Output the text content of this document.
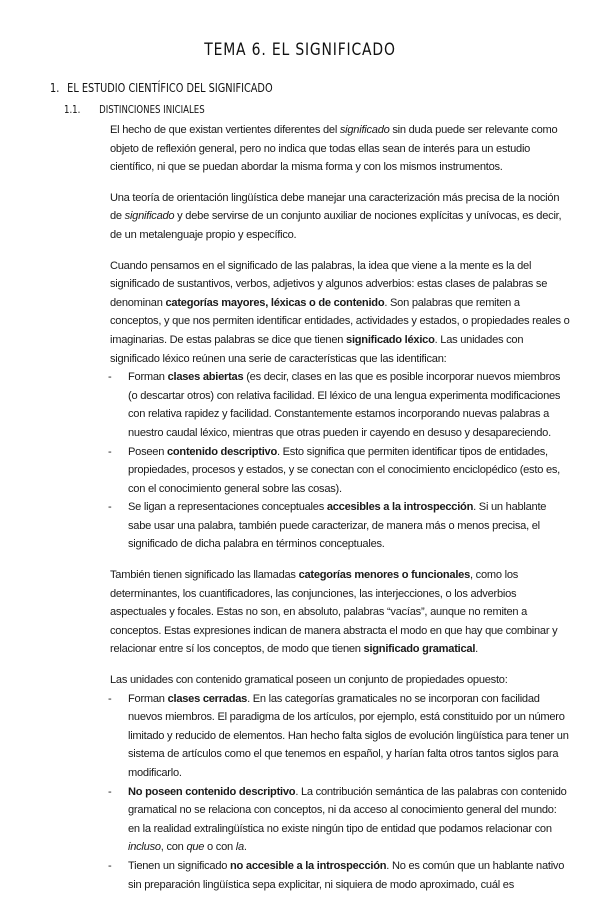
TEMA 6. EL SIGNIFICADO
1. EL ESTUDIO CIENTÍFICO DEL SIGNIFICADO
1.1. DISTINCIONES INICIALES

El hecho de que existan vertientes diferentes del significado sin duda puede ser relevante como objeto de reflexión general, pero no indica que todas ellas sean de interés para un estudio científico, ni que se puedan abordar la misma forma y con los mismos instrumentos.

Una teoría de orientación lingüística debe manejar una caracterización más precisa de la noción de significado y debe servirse de un conjunto auxiliar de nociones explícitas y unívocas, es decir, de un metalenguaje propio y específico.

Cuando pensamos en el significado de las palabras, la idea que viene a la mente es la del significado de sustantivos, verbos, adjetivos y algunos adverbios: estas clases de palabras se denominan categorías mayores, léxicas o de contenido. Son palabras que remiten a conceptos, y que nos permiten identificar entidades, actividades y estados, o propiedades reales o imaginarias. De estas palabras se dice que tienen significado léxico. Las unidades con significado léxico reúnen una serie de características que las identifican:

- Forman clases abiertas (es decir, clases en las que es posible incorporar nuevos miembros (o descartar otros) con relativa facilidad. El léxico de una lengua experimenta modificaciones con relativa rapidez y facilidad. Constantemente estamos incorporando nuevas palabras a nuestro caudal léxico, mientras que otras pueden ir cayendo en desuso y desapareciendo.
- Poseen contenido descriptivo. Esto significa que permiten identificar tipos de entidades, propiedades, procesos y estados, y se conectan con el conocimiento enciclopédico (esto es, con el conocimiento general sobre las cosas).
- Se ligan a representaciones conceptuales accesibles a la introspección. Si un hablante sabe usar una palabra, también puede caracterizar, de manera más o menos precisa, el significado de dicha palabra en términos conceptuales.

También tienen significado las llamadas categorías menores o funcionales, como los determinantes, los cuantificadores, las conjunciones, las interjecciones, o los adverbios aspectuales y focales. Estas no son, en absoluto, palabras “vacías”, aunque no remiten a conceptos. Estas expresiones indican de manera abstracta el modo en que hay que combinar y relacionar entre sí los conceptos, de modo que tienen significado gramatical.

Las unidades con contenido gramatical poseen un conjunto de propiedades opuesto:

- Forman clases cerradas. En las categorías gramaticales no se incorporan con facilidad nuevos miembros. El paradigma de los artículos, por ejemplo, está constituido por un número limitado y reducido de elementos. Han hecho falta siglos de evolución lingüística para tener un sistema de artículos como el que tenemos en español, y harían falta otros tantos siglos para modificarlo.
- No poseen contenido descriptivo. La contribución semántica de las palabras con contenido gramatical no se relaciona con conceptos, ni da acceso al conocimiento general del mundo: en la realidad extralingüística no existe ningún tipo de entidad que podamos relacionar con incluso, con que o con la.
- Tienen un significado no accesible a la introspección. No es común que un hablante nativo sin preparación lingüística sepa explicitar, ni siquiera de modo aproximado, cuál es
